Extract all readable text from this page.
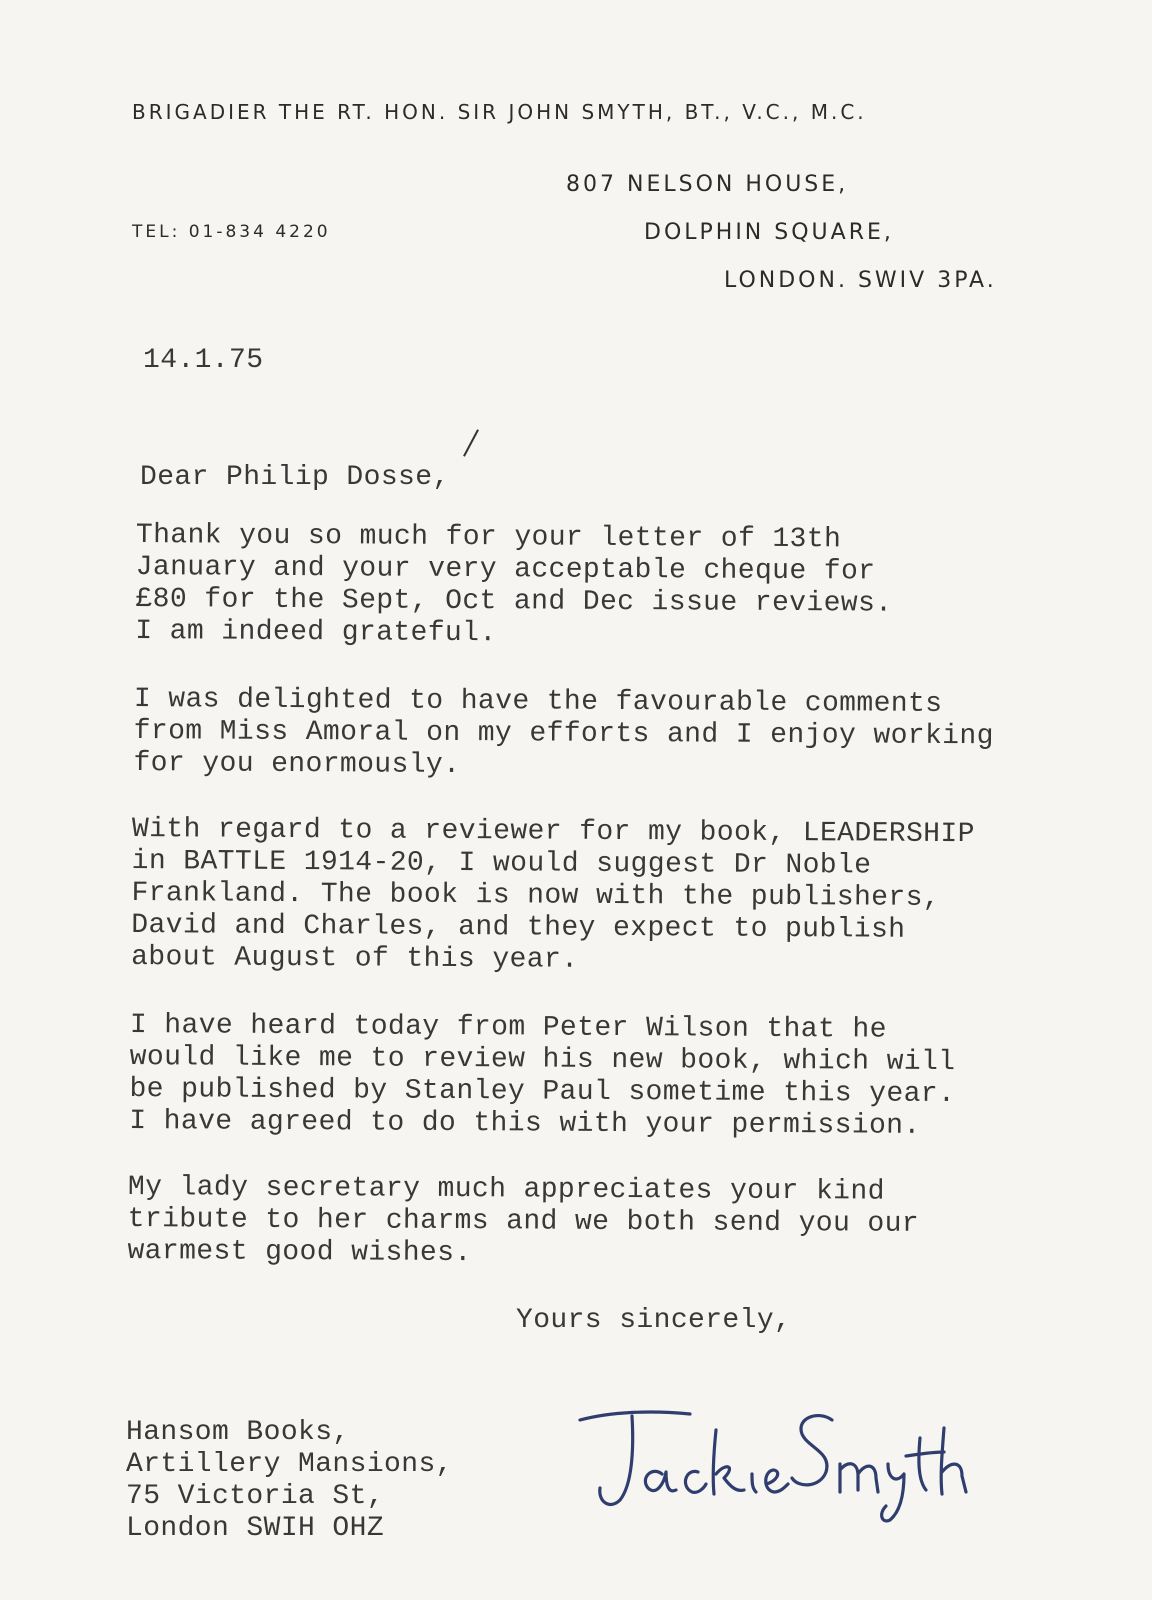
BRIGADIER THE RT. HON. SIR JOHN SMYTH, BT., V.C., M.C.
807 NELSON HOUSE,
TEL: 01-834 4220	DOLPHIN SQUARE,
LONDON. SWIV 3PA.
14.1.75
Dear Philip Dosse,
Thank you so much for your letter of 13th
January and your very acceptable cheque for
£80 for the Sept, Oct and Dec issue reviews.
I am indeed grateful.
I was delighted to have the favourable comments
from Miss Amoral on my efforts and I enjoy working
for you enormously.
With regard to a reviewer for my book, LEADERSHIP
in BATTLE 1914-20, I would suggest Dr Noble
Frankland. The book is now with the publishers,
David and Charles, and they expect to publish
about August of this year.
I have heard today from Peter Wilson that he
would like me to review his new book, which will
be published by Stanley Paul sometime this year.
I have agreed to do this with your permission.
My lady secretary much appreciates your kind
tribute to her charms and we both send you our
warmest good wishes.
Yours sincerely,
Hansom Books,
Artillery Mansions,
75 Victoria St,
London SWIH OHZ
